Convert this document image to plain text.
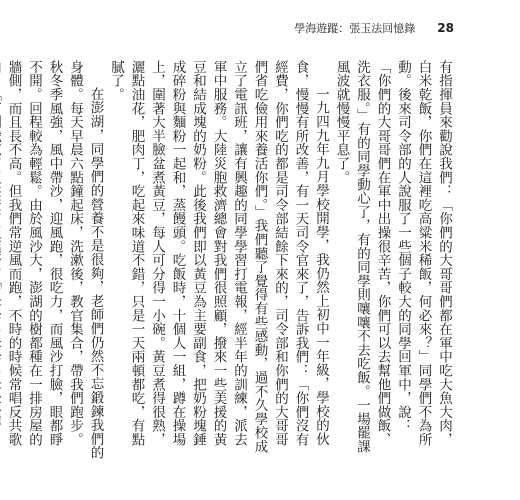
學海遊蹤：張玉法回憶錄 28

有指揮員來勸說我們：「你們的大哥哥們都在軍中吃大魚大肉，白米乾飯，你們在這裡吃高粱米稀飯，何必來？」同學們不為所動。後來司令部的人說服了一些個子較大的同學回軍中，說：「你們的大哥哥們在軍中出操很辛苦，你們可以去幫他們做飯、洗衣服。」有的同學動心了，有的同學則嚷嚷不去吃飯。一場罷課風波就慢慢平息了。

一九四九年九月學校開學，我仍然上初中一年級，學校的伙食，慢慢有所改善，有一天司令官來了，告訴我們：「你們沒有經費，你們吃的都是司令部結餘下來的，司令部和你們的大哥哥們省吃儉用來養活你們。」我們聽了覺得有些感動，過不久學校成立了電訊班，讓有興趣的同學學習打電報，經半年的訓練，派去軍中服務。大陸災胞救濟總會對我們很照顧，撥來一些美援的黃豆和結成塊的奶粉。此後我們即以黃豆為主要副食，把奶粉塊錘成碎粉與麵粉一起和，蒸饅頭。吃飯時，十個人一組，蹲在操場上，圍著大半臉盆煮黃豆，每人可分得一小碗。黃豆煮得很熟，灑點油花，肥肉丁，吃起來味道不錯，只是一天兩頓都吃，有點膩了。

在澎湖，同學們的營養不是很夠，老師們仍然不忘鍛鍊我們的身體。每天早晨六點鐘起床，洗漱後，教官集合，帶我們跑步。秋冬季風強，風中帶沙，迎風跑，很吃力，而風沙打臉，眼都睜不開。回程較為輕鬆。由於風沙大，澎湖的樹都種在一排房屋的牆側，而且長不高。但我們常逆風而跑，不時的時候常唱反共歌
